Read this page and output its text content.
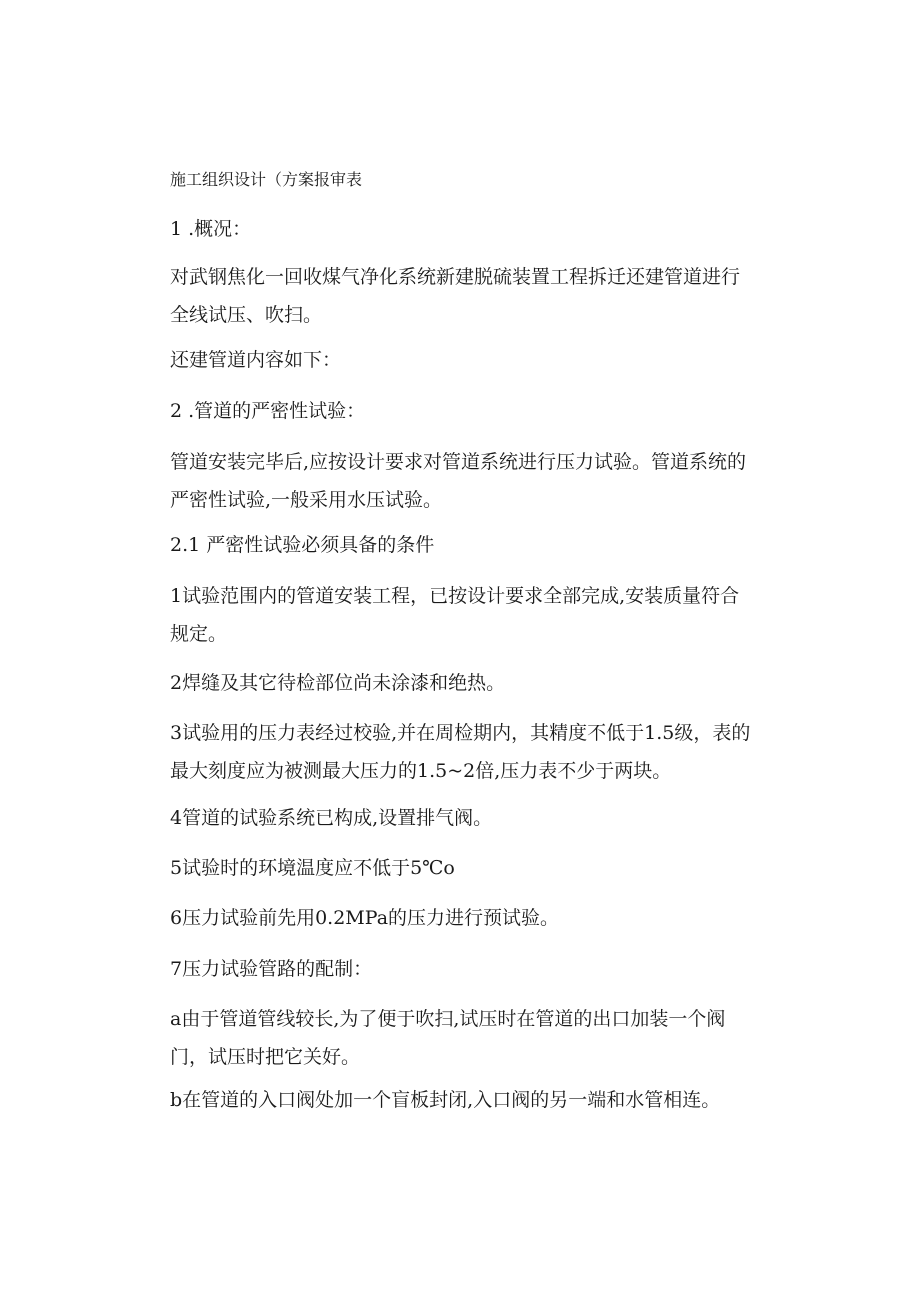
施工组织设计（方案报审表

1 .概况：

对武钢焦化一回收煤气净化系统新建脱硫装置工程拆迁还建管道进行
全线试压、吹扫。

还建管道内容如下：

2 .管道的严密性试验：

管道安装完毕后,应按设计要求对管道系统进行压力试验。管道系统的
严密性试验,一般采用水压试验。

2.1 严密性试验必须具备的条件

1试验范围内的管道安装工程，已按设计要求全部完成,安装质量符合
规定。

2焊缝及其它待检部位尚未涂漆和绝热。

3试验用的压力表经过校验,并在周检期内，其精度不低于1.5级，表的
最大刻度应为被测最大压力的1.5~2倍,压力表不少于两块。

4管道的试验系统已构成,设置排气阀。

5试验时的环境温度应不低于5℃o

6压力试验前先用0.2MPa的压力进行预试验。

7压力试验管路的配制：

a由于管道管线较长,为了便于吹扫,试压时在管道的出口加装一个阀
门，试压时把它关好。

b在管道的入口阀处加一个盲板封闭,入口阀的另一端和水管相连。
